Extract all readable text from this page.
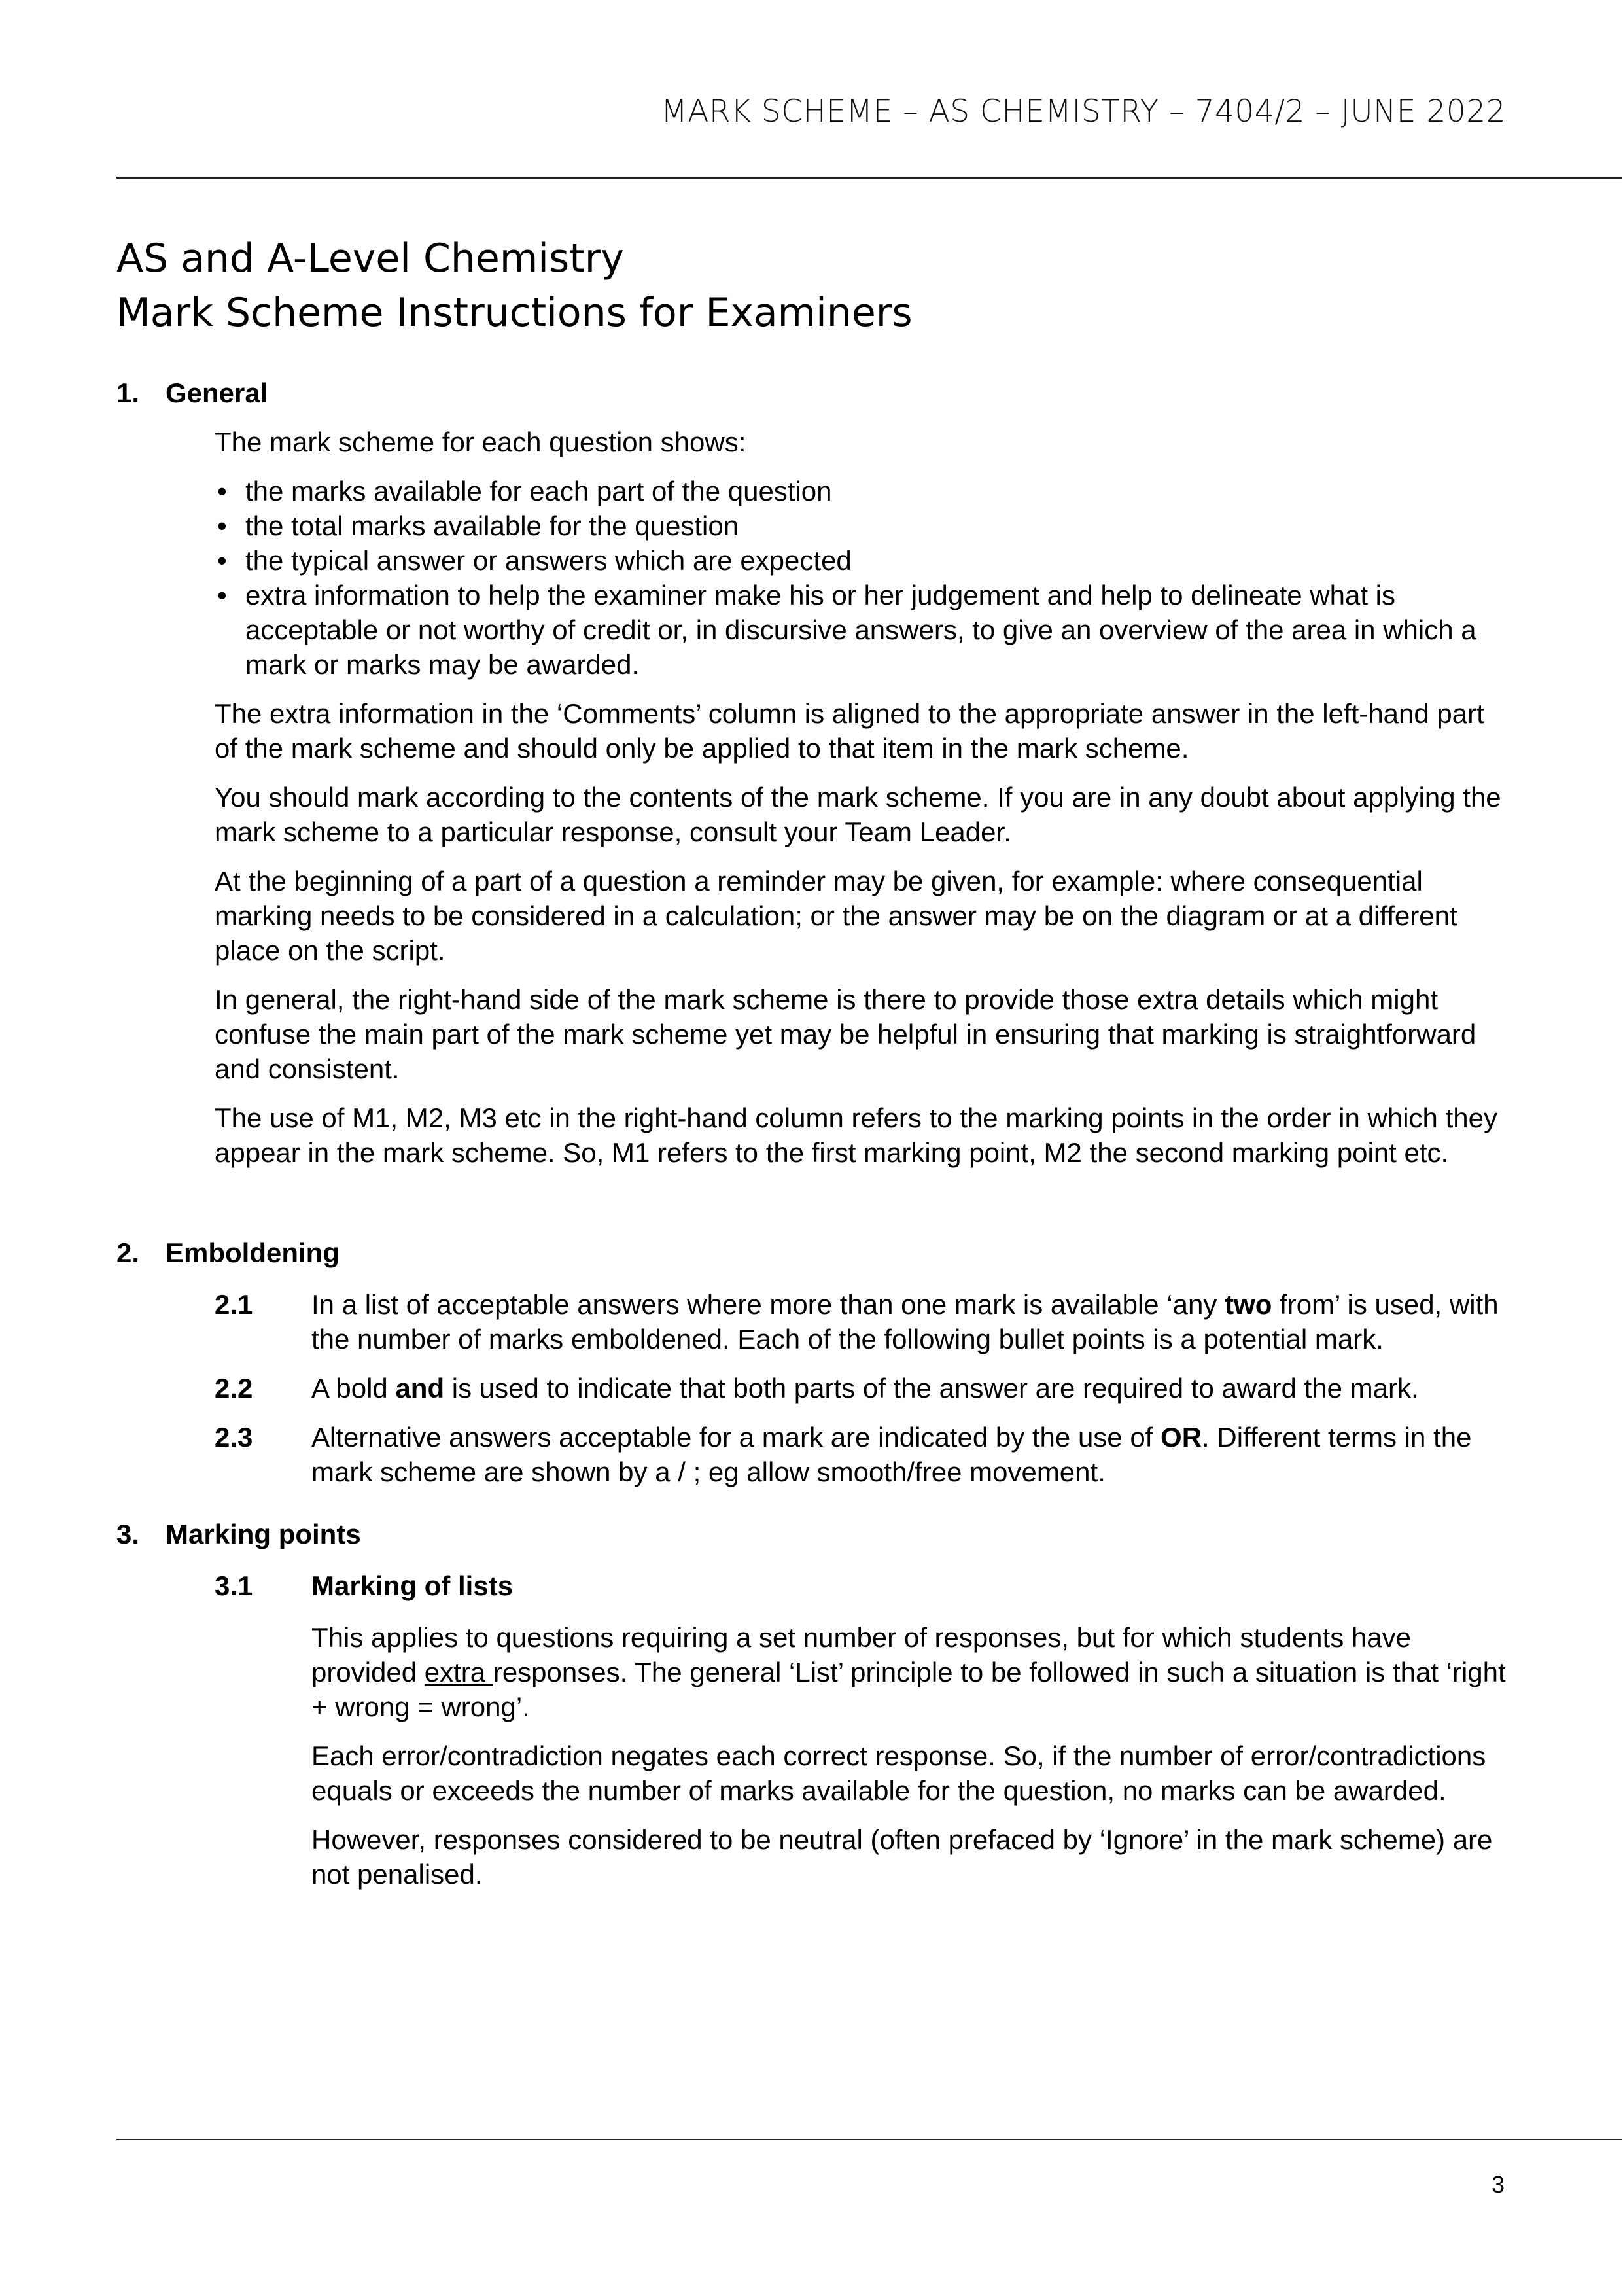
MARK SCHEME – AS CHEMISTRY – 7404/2 – JUNE 2022
AS and A-Level Chemistry
Mark Scheme Instructions for Examiners
1. General

The mark scheme for each question shows:

• the marks available for each part of the question
• the total marks available for the question
• the typical answer or answers which are expected
• extra information to help the examiner make his or her judgement and help to delineate what is acceptable or not worthy of credit or, in discursive answers, to give an overview of the area in which a mark or marks may be awarded.

The extra information in the ‘Comments’ column is aligned to the appropriate answer in the left-hand part of the mark scheme and should only be applied to that item in the mark scheme.

You should mark according to the contents of the mark scheme. If you are in any doubt about applying the mark scheme to a particular response, consult your Team Leader.

At the beginning of a part of a question a reminder may be given, for example: where consequential marking needs to be considered in a calculation; or the answer may be on the diagram or at a different place on the script.

In general, the right-hand side of the mark scheme is there to provide those extra details which might confuse the main part of the mark scheme yet may be helpful in ensuring that marking is straightforward and consistent.

The use of M1, M2, M3 etc in the right-hand column refers to the marking points in the order in which they appear in the mark scheme. So, M1 refers to the first marking point, M2 the second marking point etc.

2. Emboldening
2.1 In a list of acceptable answers where more than one mark is available ‘any two from’ is used, with the number of marks emboldened. Each of the following bullet points is a potential mark.
2.2 A bold and is used to indicate that both parts of the answer are required to award the mark.
2.3 Alternative answers acceptable for a mark are indicated by the use of OR. Different terms in the mark scheme are shown by a / ; eg allow smooth/free movement.
3. Marking points
3.1 Marking of lists

This applies to questions requiring a set number of responses, but for which students have provided extra responses. The general ‘List’ principle to be followed in such a situation is that ‘right + wrong = wrong’.

Each error/contradiction negates each correct response. So, if the number of error/contradictions equals or exceeds the number of marks available for the question, no marks can be awarded.

However, responses considered to be neutral (often prefaced by ‘Ignore’ in the mark scheme) are not penalised.

3
